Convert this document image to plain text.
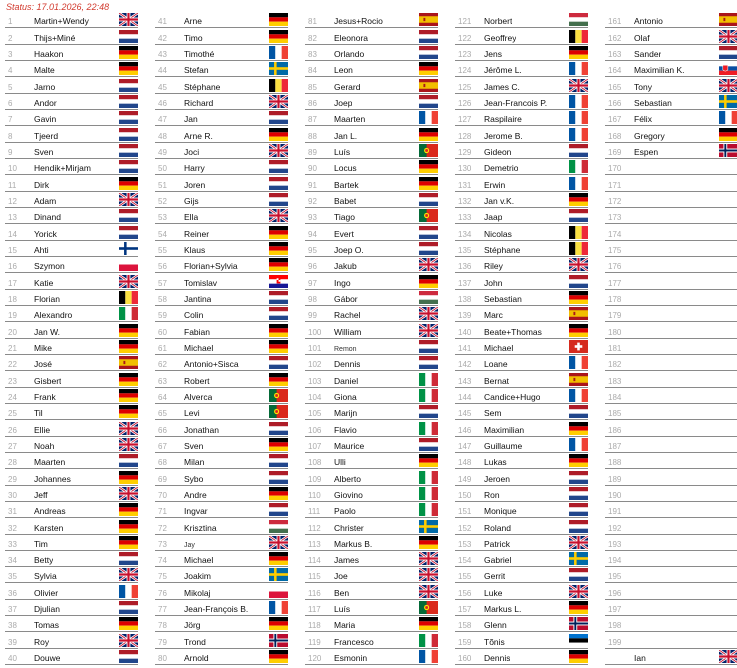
Status: 17.01.2026, 22:48
1	Martin+Wendy
2	Thijs+Miné
3	Haakon
4	Malte
5	Jarno
6	Andor
7	Gavin
8	Tjeerd
9	Sven
10 Hendik+Mirjam
11 Dirk
12 Adam
13 Dinand
14 Yorick
15 Ahti
16 Szymon
17 Katie
18 Florian
19 Alexandro
20 Jan W.
21 Mike
22 José
23 Gisbert
24 Frank
25 Til
26 Ellie
27 Noah
28 Maarten
29 Johannes
30 Jeff
31 Andreas
32 Karsten
33 Tim
34 Betty
35 Sylvia
36 Olivier
37 Djulian
38 Tomas
39 Roy
40 Douwe
41 Arne
42 Timo
43 Timothé
44 Stefan
45 Stéphane
46 Richard
47 Jan
48 Arne R.
49 Joci
50 Harry
51 Joren
52 Gijs
53 Ella
54 Reiner
55 Klaus
56 Florian+Sylvia
57 Tomislav
58 Jantina
59 Colin
60 Fabian
61 Michael
62 Antonio+Sisca
63 Robert
64 Alverca
65 Levi
66 Jonathan
67 Sven
68 Milan
69 Sybo
70 Andre
71 Ingvar
72 Krisztina
73 Jay
74 Michael
75 Joakim
76 Mikolaj
77 Jean-François B.
78 Jörg
79 Trond
80 Arnold
81 Jesus+Rocio
82 Eleonora
83 Orlando
84 Leon
85 Gerard
86 Joep
87 Maarten
88 Jan L.
89 Luís
90 Locus
91 Bartek
92 Babet
93 Tiago
94 Evert
95 Joep O.
96 Jakub
97 Ingo
98 Gábor
99 Rachel
100 William
101 Remon
102 Dennis
103 Daniel
104 Giona
105 Marijn
106 Flavio
107 Maurice
108 Ulli
109 Alberto
110 Giovino
111 Paolo
112 Christer
113 Markus B.
114 James
115 Joe
116 Ben
117 Luís
118 Maria
119 Francesco
120 Esmonin
121 Norbert
122 Geoffrey
123 Jens
124 Jérôme L.
125 James C.
126 Jean-Francois P.
127 Raspilaire
128 Jerome B.
129 Gideon
130 Demetrio
131 Erwin
132 Jan v.K.
133 Jaap
134 Nicolas
135 Stéphane
136 Riley
137 John
138 Sebastian
139 Marc
140 Beate+Thomas
141 Michael
142 Loane
143 Bernat
144 Candice+Hugo
145 Sem
146 Maximilian
147 Guillaume
148 Lukas
149 Jeroen
150 Ron
151 Monique
152 Roland
153 Patrick
154 Gabriel
155 Gerrit
156 Luke
157 Markus L.
158 Glenn
159 Tõnis
160 Dennis
161 Antonio
162 Olaf
163 Sander
164 Maximilian K.
165 Tony
166 Sebastian
167 Félix
168 Gregory
169 Espen
170
171
172
173
174
175
176
177
178
179
180
181
182
183
184
185
186
187
188
189
190
191
192
193
194
195
196
197
198
199
Ian
